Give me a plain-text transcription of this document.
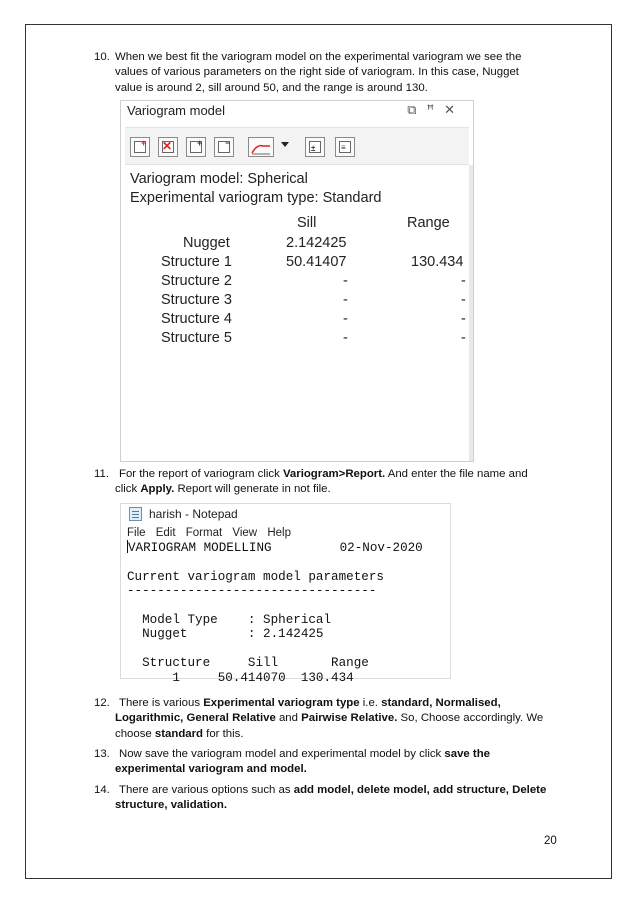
10. When we best fit the variogram model on the experimental variogram we see the
values of various parameters on the right side of variogram. In this case, Nugget
value is around 2, sill around 50, and the range is around 130.
Variogram model	⧉ꟸ✕
+ ✕	+	−
±	≡
Variogram model: Spherical
Experimental variogram type: Standard
Sill	Range
Nugget	2.142425
Structure 1	50.41407	130.434
Structure 2	-	-
Structure 3	-	-
Structure 4	-	-
Structure 5	-	-
11. For the report of variogram click Variogram>Report. And enter the file name and
click Apply. Report will generate in not file.
harish - Notepad
File Edit Format View Help
VARIOGRAM MODELLING         02-Nov-2020

Current variogram model parameters
---------------------------------

Model Type    : Spherical
Nugget        : 2.142425

Structure     Sill       Range
1     50.414070  130.434
12. There is various Experimental variogram type i.e. standard, Normalised,
Logarithmic, General Relative and Pairwise Relative. So, Choose accordingly. We
choose standard for this.
13. Now save the variogram model and experimental model by click save the
experimental variogram and model.
14. There are various options such as add model, delete model, add structure, Delete
structure, validation.
20
